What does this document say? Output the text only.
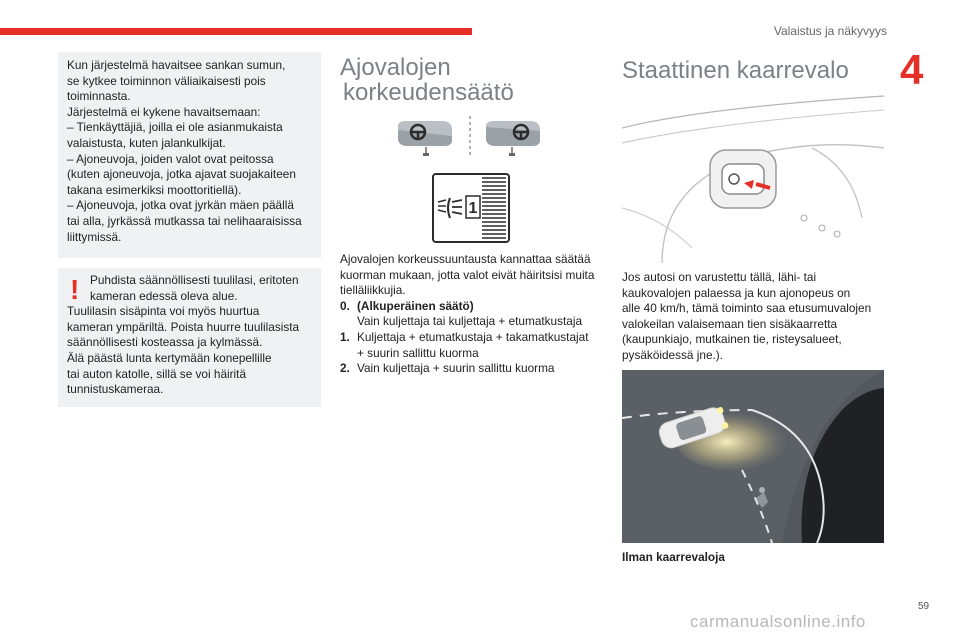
Valaistus ja näkyvyys
4
Kun järjestelmä havaitsee sankan sumun,
se kytkee toiminnon väliaikaisesti pois
toiminnasta.
Järjestelmä ei kykene havaitsemaan:
– Tienkäyttäjiä, joilla ei ole asianmukaista
valaistusta, kuten jalankulkijat.
– Ajoneuvoja, joiden valot ovat peitossa
(kuten ajoneuvoja, jotka ajavat suojakaiteen
takana esimerkiksi moottoritiellä).
– Ajoneuvoja, jotka ovat jyrkän mäen päällä
tai alla, jyrkässä mutkassa tai nelihaaraisissa
liittymissä.
! Puhdista säännöllisesti tuulilasi, eritoten
kameran edessä oleva alue.
Tuulilasin sisäpinta voi myös huurtua
kameran ympäriltä. Poista huurre tuulilasista
säännöllisesti kosteassa ja kylmässä.
Älä päästä lunta kertymään konepellille
tai auton katolle, sillä se voi häiritä
tunnistuskameraa.
Ajovalojen
korkeudensäätö
1
Ajovalojen korkeussuuntausta kannattaa säätää
kuorman mukaan, jotta valot eivät häiritsisi muita
tielläliikkujia.
0. (Alkuperäinen säätö)
Vain kuljettaja tai kuljettaja + etumatkustaja
1. Kuljettaja + etumatkustaja + takamatkustajat
+ suurin sallittu kuorma
2. Vain kuljettaja + suurin sallittu kuorma
Staattinen kaarrevalo
Jos autosi on varustettu tällä, lähi- tai
kaukovalojen palaessa ja kun ajonopeus on
alle 40 km/h, tämä toiminto saa etusumuvalojen
valokeilan valaisemaan tien sisäkaarretta
(kaupunkiajo, mutkainen tie, risteysalueet,
pysäköidessä jne.).
Ilman kaarrevaloja
59
carmanualsonline.info
